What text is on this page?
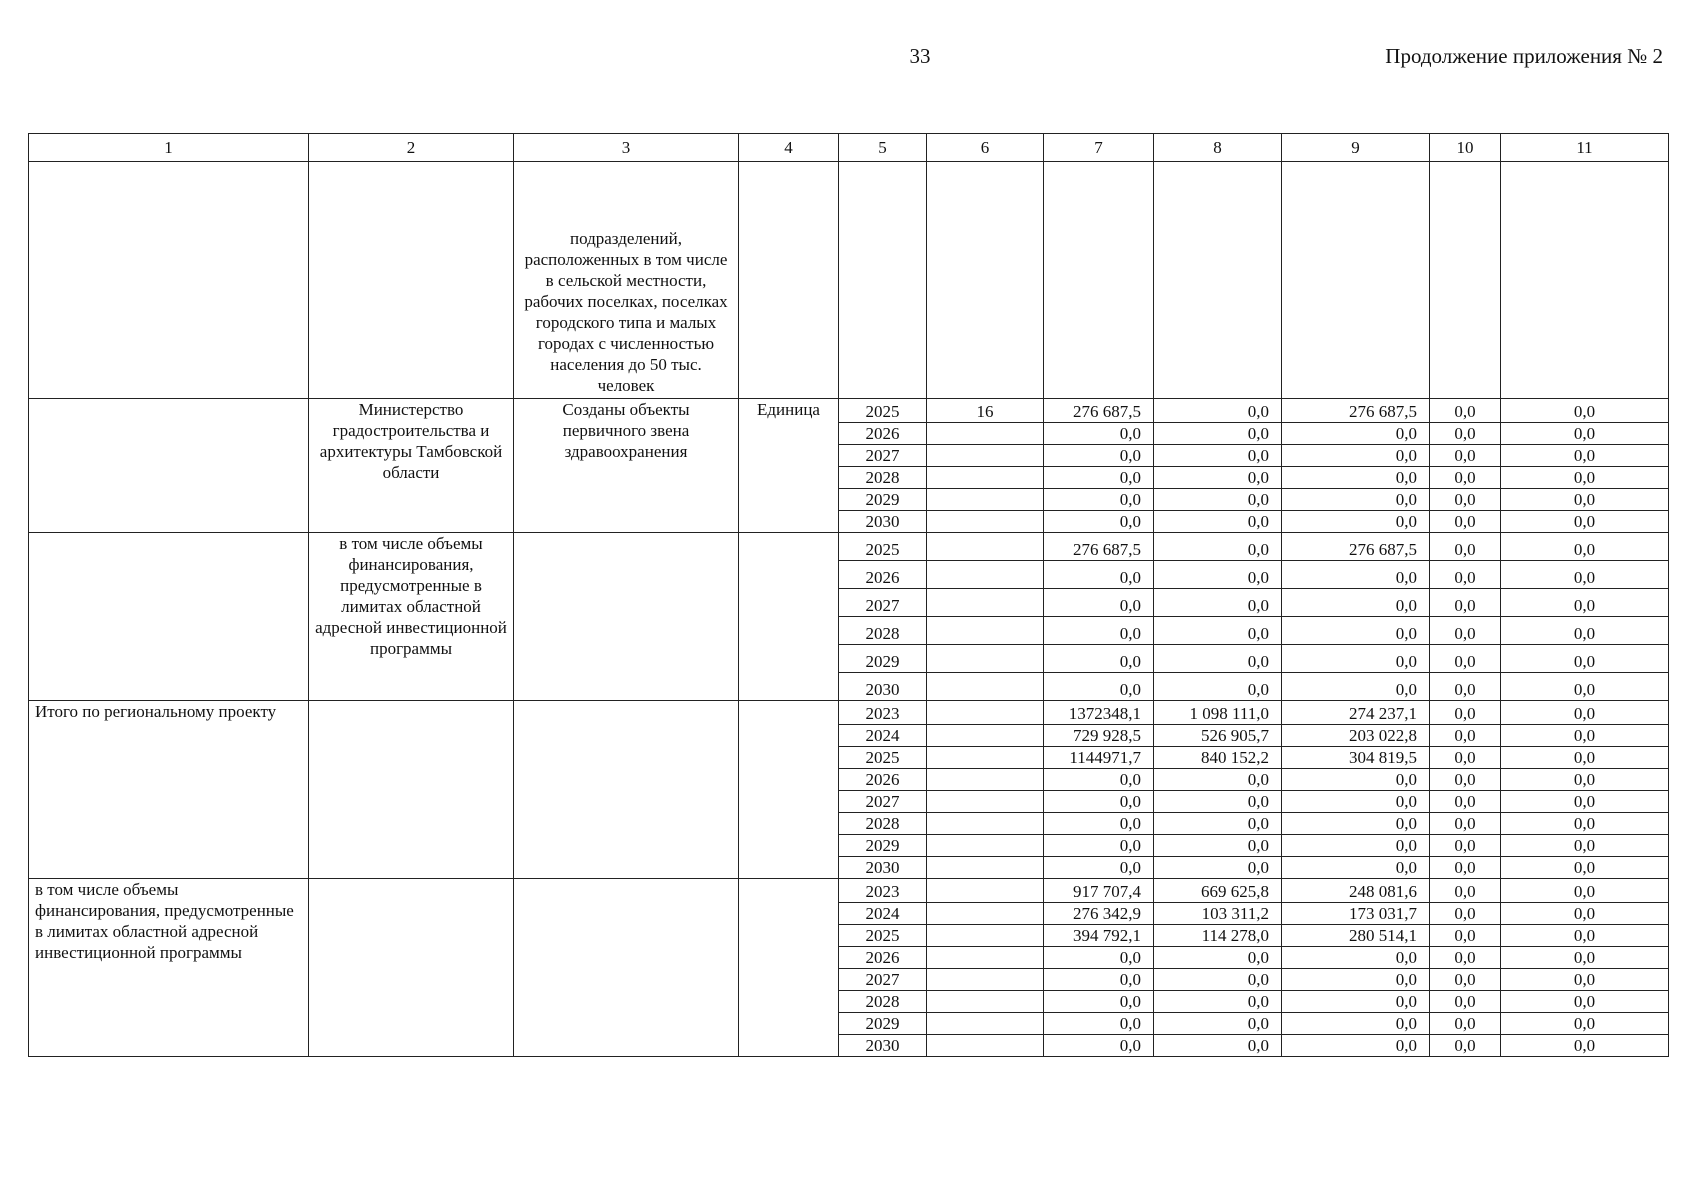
33	Продолжение приложения № 2
1	2	3	4	5	6	7	8	9	10	11
		подразделений, расположенных в том числе в сельской местности, рабочих поселках, поселках городского типа и малых городах с численностью населения до 50 тыс. человек								
	Министерство градостроительства и архитектуры Тамбовской области	Созданы объекты первичного звена здравоохранения	Единица	2025	16	276 687,5	0,0	276 687,5	0,0	0,0
				2026		0,0	0,0	0,0	0,0	0,0
				2027		0,0	0,0	0,0	0,0	0,0
				2028		0,0	0,0	0,0	0,0	0,0
				2029		0,0	0,0	0,0	0,0	0,0
				2030		0,0	0,0	0,0	0,0	0,0
	в том числе объемы финансирования, предусмотренные в лимитах областной адресной инвестиционной программы			2025		276 687,5	0,0	276 687,5	0,0	0,0
				2026		0,0	0,0	0,0	0,0	0,0
				2027		0,0	0,0	0,0	0,0	0,0
				2028		0,0	0,0	0,0	0,0	0,0
				2029		0,0	0,0	0,0	0,0	0,0
				2030		0,0	0,0	0,0	0,0	0,0
Итого по региональному проекту				2023		1372348,1	1 098 111,0	274 237,1	0,0	0,0
				2024		729 928,5	526 905,7	203 022,8	0,0	0,0
				2025		1144971,7	840 152,2	304 819,5	0,0	0,0
				2026		0,0	0,0	0,0	0,0	0,0
				2027		0,0	0,0	0,0	0,0	0,0
				2028		0,0	0,0	0,0	0,0	0,0
				2029		0,0	0,0	0,0	0,0	0,0
				2030		0,0	0,0	0,0	0,0	0,0
в том числе объемы финансирования, предусмотренные в лимитах областной адресной инвестиционной программы				2023		917 707,4	669 625,8	248 081,6	0,0	0,0
				2024		276 342,9	103 311,2	173 031,7	0,0	0,0
				2025		394 792,1	114 278,0	280 514,1	0,0	0,0
				2026		0,0	0,0	0,0	0,0	0,0
				2027		0,0	0,0	0,0	0,0	0,0
				2028		0,0	0,0	0,0	0,0	0,0
				2029		0,0	0,0	0,0	0,0	0,0
				2030		0,0	0,0	0,0	0,0	0,0
